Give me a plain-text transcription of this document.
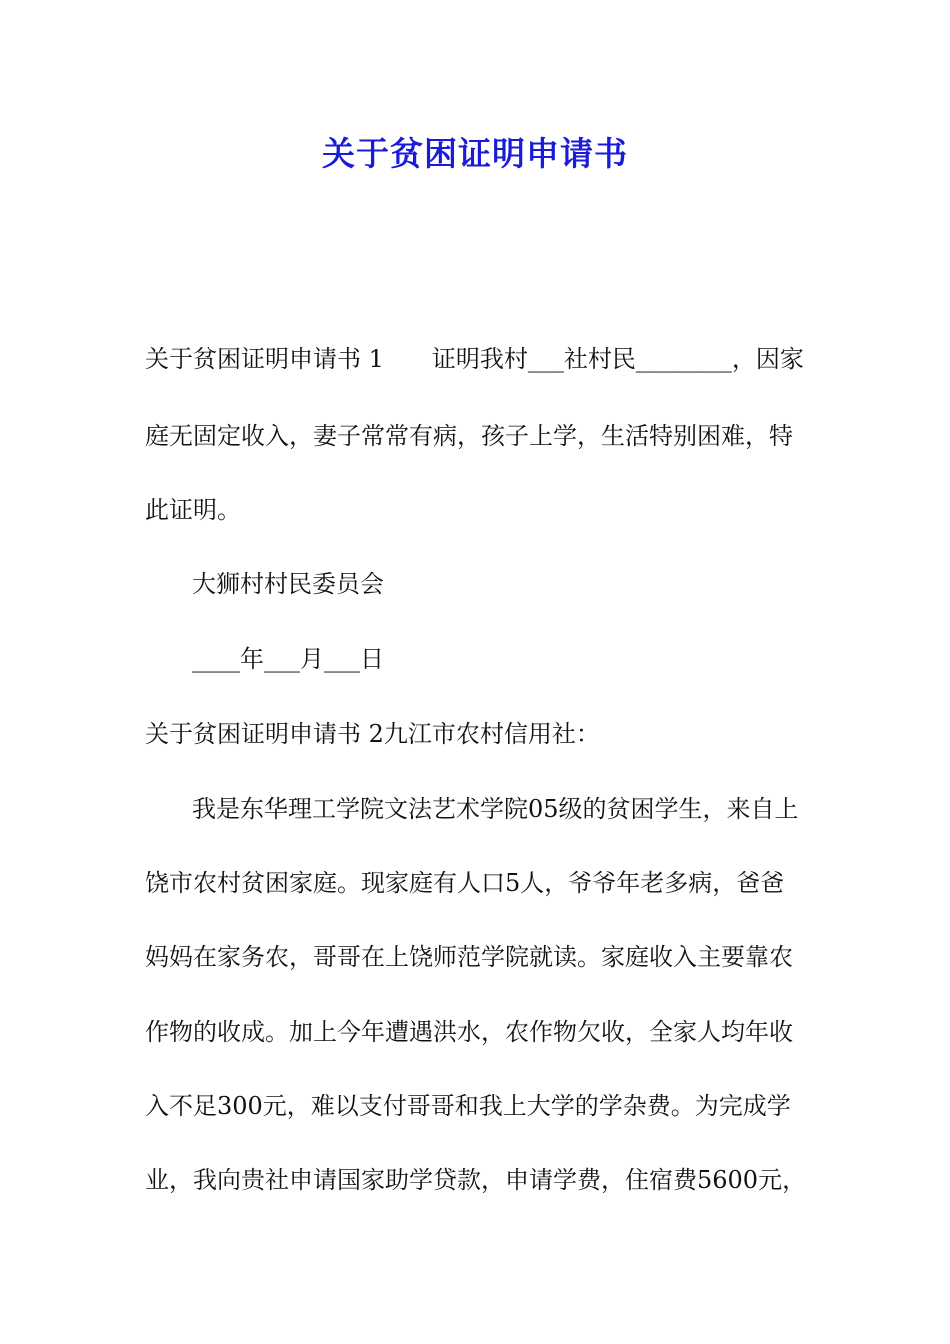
关于贫困证明申请书

关于贫困证明申请书 1　　证明我村___社村民________，因家

庭无固定收入，妻子常常有病，孩子上学，生活特别困难，特

此证明。

大狮村村民委员会

____年___月___日

关于贫困证明申请书 2九江市农村信用社：

我是东华理工学院文法艺术学院05级的贫困学生，来自上

饶市农村贫困家庭。现家庭有人口5人，爷爷年老多病，爸爸

妈妈在家务农，哥哥在上饶师范学院就读。家庭收入主要靠农

作物的收成。加上今年遭遇洪水，农作物欠收，全家人均年收

入不足300元，难以支付哥哥和我上大学的学杂费。为完成学

业，我向贵社申请国家助学贷款，申请学费，住宿费5600元，
